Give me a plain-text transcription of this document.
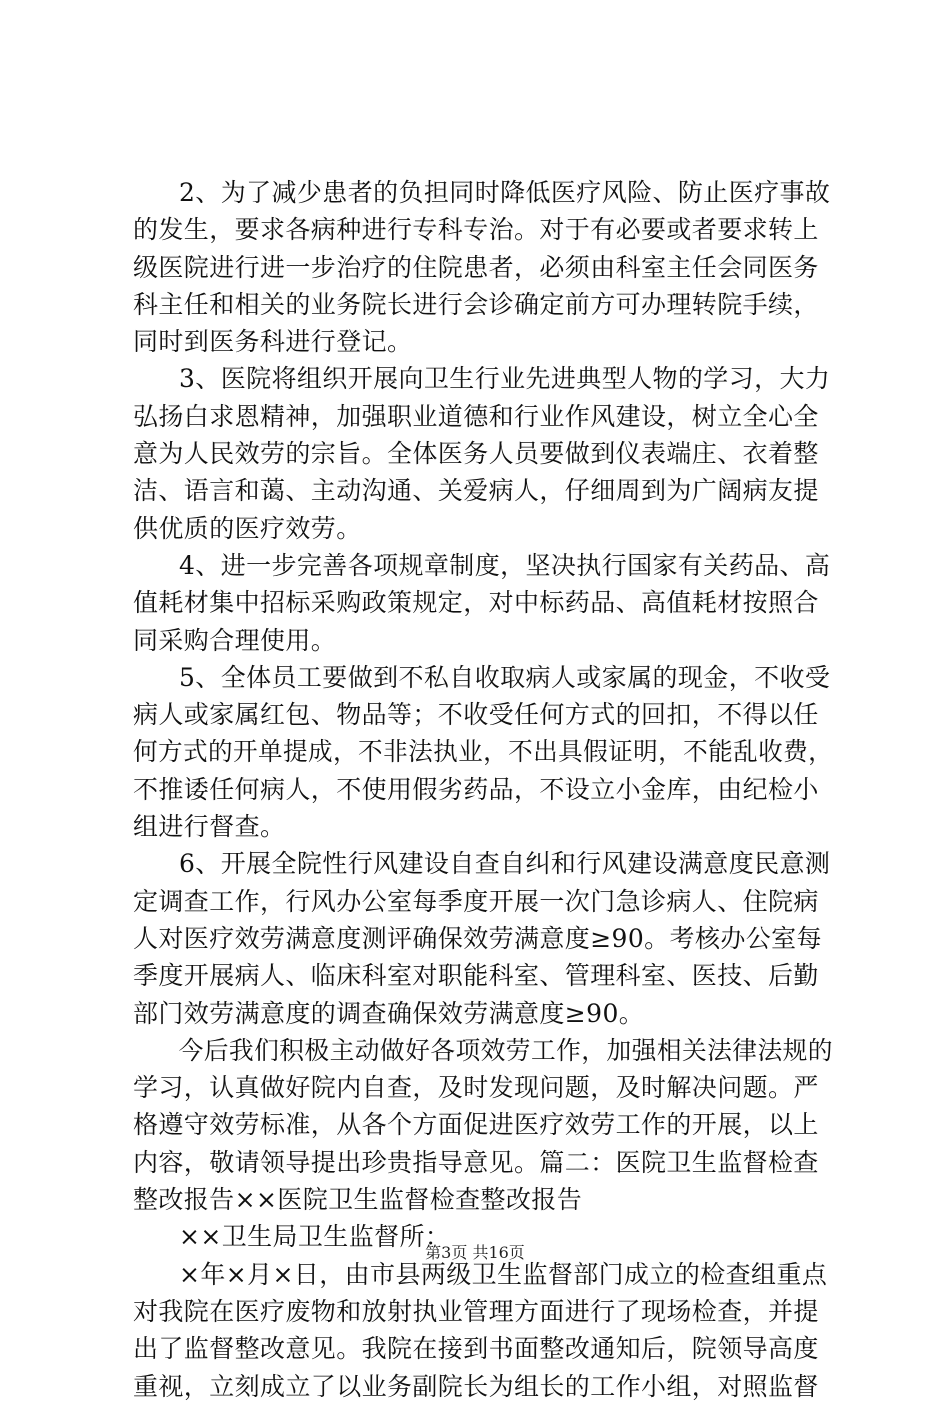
2、为了减少患者的负担同时降低医疗风险、防止医疗事故
的发生，要求各病种进行专科专治。对于有必要或者要求转上
级医院进行进一步治疗的住院患者，必须由科室主任会同医务
科主任和相关的业务院长进行会诊确定前方可办理转院手续，
同时到医务科进行登记。
3、医院将组织开展向卫生行业先进典型人物的学习，大力
弘扬白求恩精神，加强职业道德和行业作风建设，树立全心全
意为人民效劳的宗旨。全体医务人员要做到仪表端庄、衣着整
洁、语言和蔼、主动沟通、关爱病人，仔细周到为广阔病友提
供优质的医疗效劳。
4、进一步完善各项规章制度，坚决执行国家有关药品、高
值耗材集中招标采购政策规定，对中标药品、高值耗材按照合
同采购合理使用。
5、全体员工要做到不私自收取病人或家属的现金，不收受
病人或家属红包、物品等；不收受任何方式的回扣，不得以任
何方式的开单提成，不非法执业，不出具假证明，不能乱收费，
不推诿任何病人，不使用假劣药品，不设立小金库，由纪检小
组进行督查。
6、开展全院性行风建设自查自纠和行风建设满意度民意测
定调查工作，行风办公室每季度开展一次门急诊病人、住院病
人对医疗效劳满意度测评确保效劳满意度≥90。考核办公室每
季度开展病人、临床科室对职能科室、管理科室、医技、后勤
部门效劳满意度的调查确保效劳满意度≥90。
今后我们积极主动做好各项效劳工作，加强相关法律法规的
学习，认真做好院内自查，及时发现问题，及时解决问题。严
格遵守效劳标准，从各个方面促进医疗效劳工作的开展，以上
内容，敬请领导提出珍贵指导意见。篇二：医院卫生监督检查
整改报告××医院卫生监督检查整改报告
××卫生局卫生监督所：
×年×月×日，由市县两级卫生监督部门成立的检查组重点
对我院在医疗废物和放射执业管理方面进行了现场检查，并提
出了监督整改意见。我院在接到书面整改通知后，院领导高度
重视，立刻成立了以业务副院长为组长的工作小组，对照监督
第3页 共16页
